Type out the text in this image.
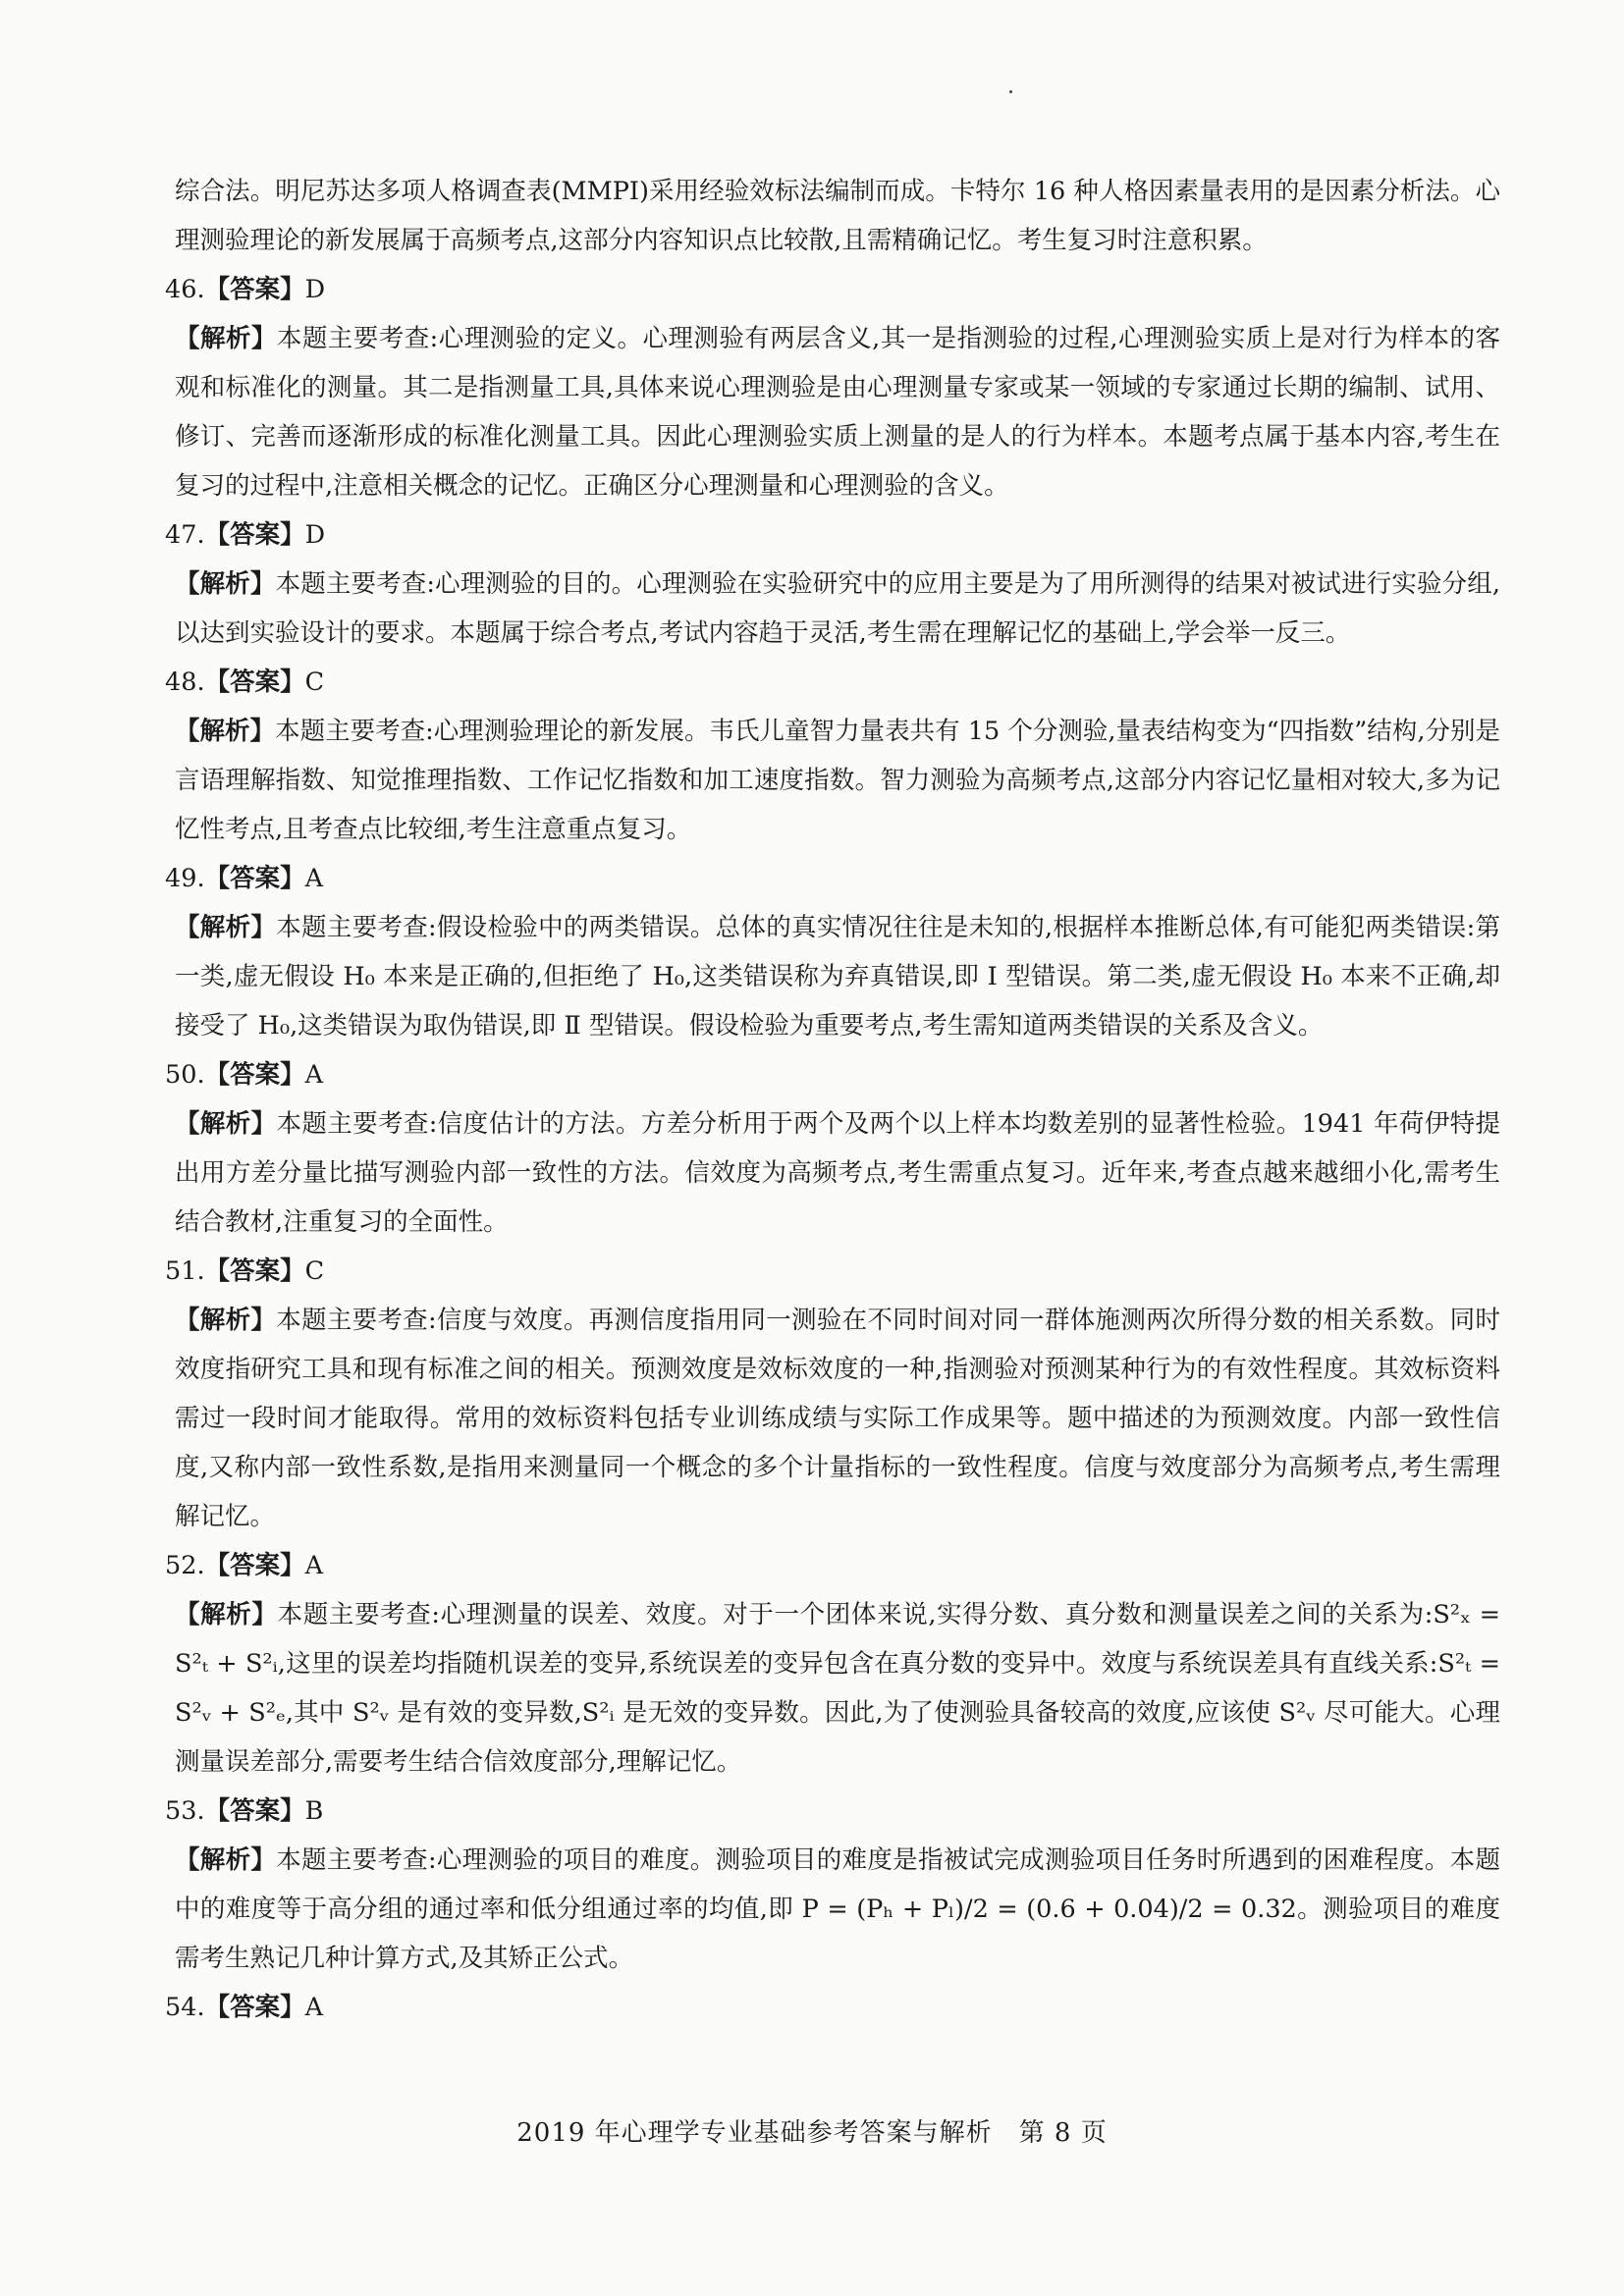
综合法。明尼苏达多项人格调查表(MMPI)采用经验效标法编制而成。卡特尔 16 种人格因素量表用的是因素分析法。心理测验理论的新发展属于高频考点,这部分内容知识点比较散,且需精确记忆。考生复习时注意积累。

46.【答案】D

【解析】本题主要考查:心理测验的定义。心理测验有两层含义,其一是指测验的过程,心理测验实质上是对行为样本的客观和标准化的测量。其二是指测量工具,具体来说心理测验是由心理测量专家或某一领域的专家通过长期的编制、试用、修订、完善而逐渐形成的标准化测量工具。因此心理测验实质上测量的是人的行为样本。本题考点属于基本内容,考生在复习的过程中,注意相关概念的记忆。正确区分心理测量和心理测验的含义。

47.【答案】D

【解析】本题主要考查:心理测验的目的。心理测验在实验研究中的应用主要是为了用所测得的结果对被试进行实验分组,以达到实验设计的要求。本题属于综合考点,考试内容趋于灵活,考生需在理解记忆的基础上,学会举一反三。

48.【答案】C

【解析】本题主要考查:心理测验理论的新发展。韦氏儿童智力量表共有 15 个分测验,量表结构变为“四指数”结构,分别是言语理解指数、知觉推理指数、工作记忆指数和加工速度指数。智力测验为高频考点,这部分内容记忆量相对较大,多为记忆性考点,且考查点比较细,考生注意重点复习。

49.【答案】A

【解析】本题主要考查:假设检验中的两类错误。总体的真实情况往往是未知的,根据样本推断总体,有可能犯两类错误:第一类,虚无假设 H₀ 本来是正确的,但拒绝了 H₀,这类错误称为弃真错误,即 Ⅰ 型错误。第二类,虚无假设 H₀ 本来不正确,却接受了 H₀,这类错误为取伪错误,即 Ⅱ 型错误。假设检验为重要考点,考生需知道两类错误的关系及含义。

50.【答案】A

【解析】本题主要考查:信度估计的方法。方差分析用于两个及两个以上样本均数差别的显著性检验。1941 年荷伊特提出用方差分量比描写测验内部一致性的方法。信效度为高频考点,考生需重点复习。近年来,考查点越来越细小化,需考生结合教材,注重复习的全面性。

51.【答案】C

【解析】本题主要考查:信度与效度。再测信度指用同一测验在不同时间对同一群体施测两次所得分数的相关系数。同时效度指研究工具和现有标准之间的相关。预测效度是效标效度的一种,指测验对预测某种行为的有效性程度。其效标资料需过一段时间才能取得。常用的效标资料包括专业训练成绩与实际工作成果等。题中描述的为预测效度。内部一致性信度,又称内部一致性系数,是指用来测量同一个概念的多个计量指标的一致性程度。信度与效度部分为高频考点,考生需理解记忆。

52.【答案】A

【解析】本题主要考查:心理测量的误差、效度。对于一个团体来说,实得分数、真分数和测量误差之间的关系为:S²ₓ = S²ₜ + S²ᵢ,这里的误差均指随机误差的变异,系统误差的变异包含在真分数的变异中。效度与系统误差具有直线关系:S²ₜ = S²ᵥ + S²ₑ,其中 S²ᵥ 是有效的变异数,S²ᵢ 是无效的变异数。因此,为了使测验具备较高的效度,应该使 S²ᵥ 尽可能大。心理测量误差部分,需要考生结合信效度部分,理解记忆。

53.【答案】B

【解析】本题主要考查:心理测验的项目的难度。测验项目的难度是指被试完成测验项目任务时所遇到的困难程度。本题中的难度等于高分组的通过率和低分组通过率的均值,即 P = (Pₕ + Pₗ)/2 = (0.6 + 0.04)/2 = 0.32。测验项目的难度需考生熟记几种计算方式,及其矫正公式。

54.【答案】A

2019 年心理学专业基础参考答案与解析　第 8 页
